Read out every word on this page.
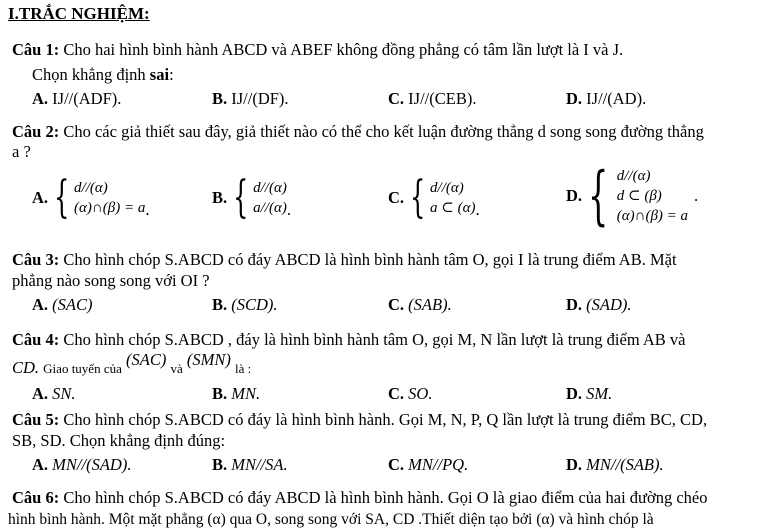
I.TRẮC NGHIỆM:
Câu 1: Cho hai hình bình hành ABCD và ABEF không đồng phẳng có tâm lần lượt là I và J.
Chọn khẳng định sai:
A. IJ//(ADF).	B. IJ//(DF).	C. IJ//(CEB).	D. IJ//(AD).
Câu 2: Cho các giả thiết sau đây, giả thiết nào có thể cho kết luận đường thẳng d song song đường thẳng
a ?
A. { d//(α)
(α)∩(β) = a .
B. { d//(α)
a//(α) .
C. { d//(α)
a ⊂ (α) .
D. { d//(α)
d ⊂ (β)
(α)∩(β) = a
.
Câu 3: Cho hình chóp S.ABCD có đáy ABCD là hình bình hành tâm O, gọi I là trung điểm AB. Mặt
phẳng nào song song với OI ?
A. (SAC)	B. (SCD).	C. (SAB).	D. (SAD).
Câu 4: Cho hình chóp S.ABCD , đáy là hình bình hành tâm O, gọi M, N lần lượt là trung điểm AB và
CD. Giao tuyến của (SAC) và (SMN) là :
A. SN.	B. MN.	C. SO.	D. SM.
Câu 5: Cho hình chóp S.ABCD có đáy là hình bình hành. Gọi M, N, P, Q lần lượt là trung điểm BC, CD,
SB, SD. Chọn khẳng định đúng:
A. MN//(SAD).	B. MN//SA.	C. MN//PQ.	D. MN//(SAB).
Câu 6: Cho hình chóp S.ABCD có đáy ABCD là hình bình hành. Gọi O là giao điểm của hai đường chéo
hình bình hành. Một mặt phẳng (α) qua O, song song với SA, CD .Thiết diện tạo bởi (α) và hình chóp là
